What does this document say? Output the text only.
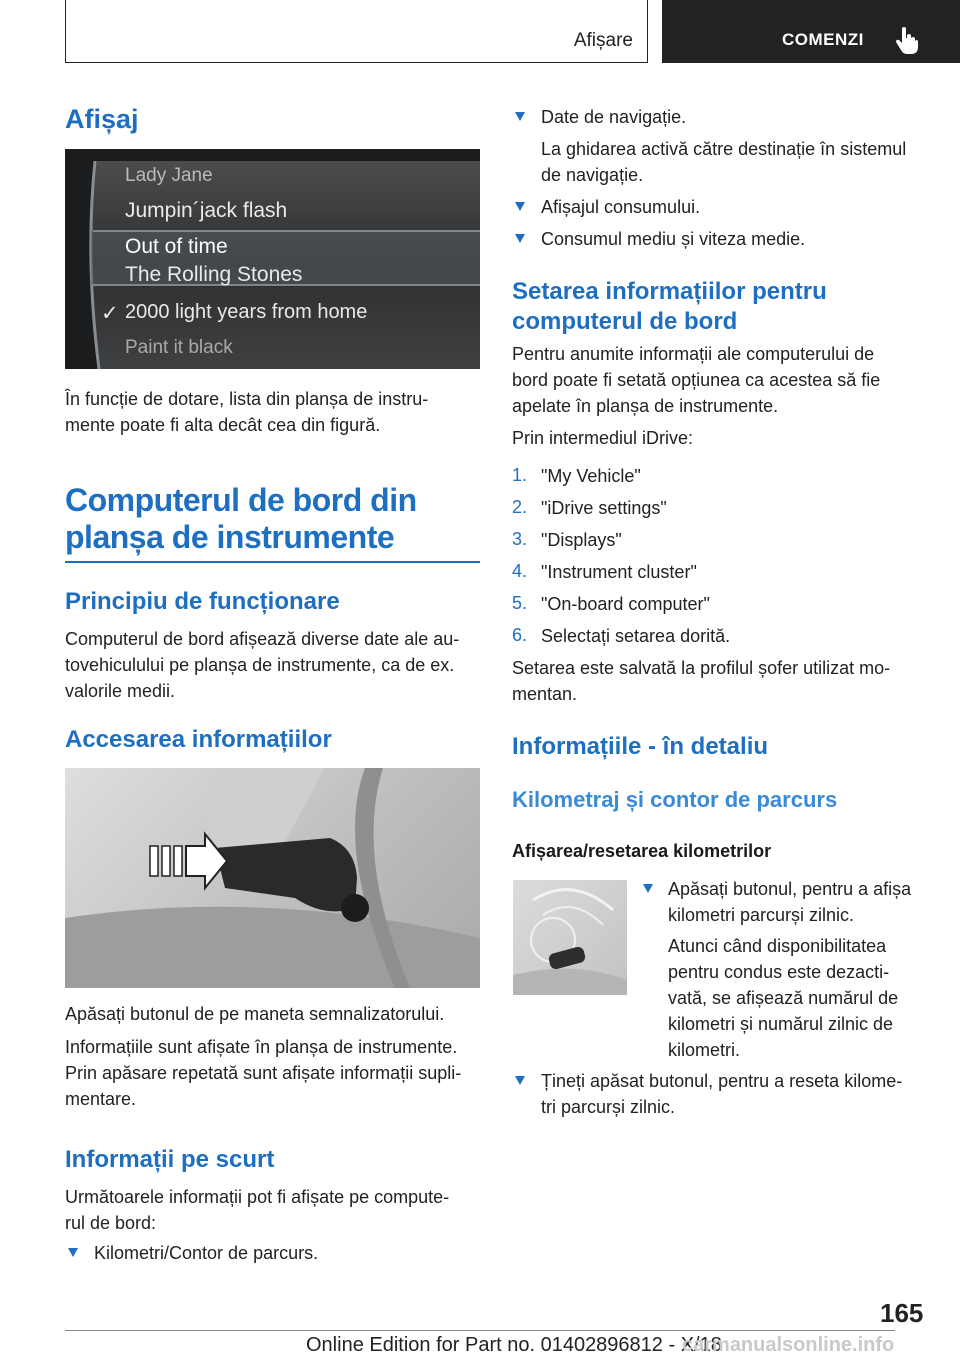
Afișare	COMENZI
Afișaj
Lady Jane
Jumpin´jack flash
Out of time
The Rolling Stones
✓ 2000 light years from home
Paint it black

În funcție de dotare, lista din planșa de instru-

mente poate fi alta decât cea din figură.

Computerul de bord din
planșa de instrumente
Principiu de funcționare

Computerul de bord afișează diverse date ale au-

tovehiculului pe planșa de instrumente, ca de ex.

valorile medii.

Accesarea informațiilor

Apăsați butonul de pe maneta semnalizatorului.

Informațiile sunt afișate în planșa de instrumente.

Prin apăsare repetată sunt afișate informații supli-

mentare.

Informații pe scurt

Următoarele informații pot fi afișate pe compute-

rul de bord:

Kilometri/Contor de parcurs.
Date de navigație.
La ghidarea activă către destinație în sistemul
de navigație.
Afișajul consumului.
Consumul mediu și viteza medie.
Setarea informațiilor pentru
computerul de bord

Pentru anumite informații ale computerului de

bord poate fi setată opțiunea ca acestea să fie

apelate în planșa de instrumente.

Prin intermediul iDrive:

1. "My Vehicle"
2. "iDrive settings"
3. "Displays"
4. "Instrument cluster"
5. "On-board computer"
6. Selectați setarea dorită.

Setarea este salvată la profilul șofer utilizat mo-

mentan.

Informațiile - în detaliu
Kilometraj și contor de parcurs
Afișarea/resetarea kilometrilor
Apăsați butonul, pentru a afișa
kilometri parcurși zilnic.
Atunci când disponibilitatea
pentru condus este dezacti-
vată, se afișează numărul de
kilometri și numărul zilnic de
kilometri.
Țineți apăsat butonul, pentru a reseta kilome-
tri parcurși zilnic.
165
Online Edition for Part no. 01402896812 - X/18
carmanualsonline.info
